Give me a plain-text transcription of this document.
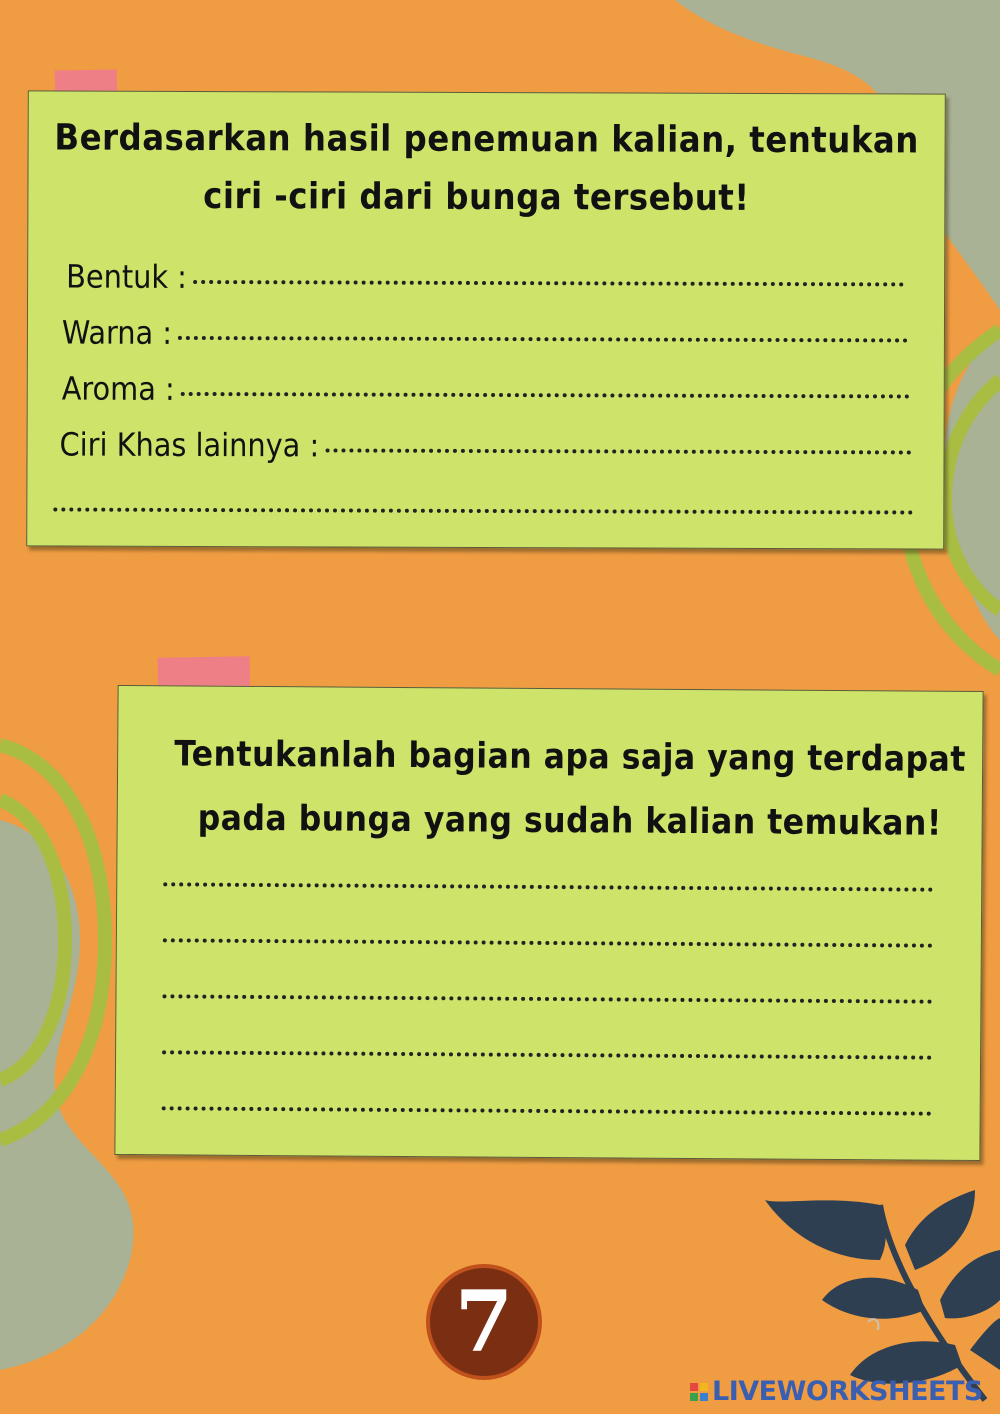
Berdasarkan hasil penemuan kalian, tentukan
ciri -ciri dari bunga tersebut!
Bentuk :
Warna :
Aroma :
Ciri Khas lainnya :
Tentukanlah bagian apa saja yang terdapat
pada bunga yang sudah kalian temukan!
7
LIVEWORKSHEETS
